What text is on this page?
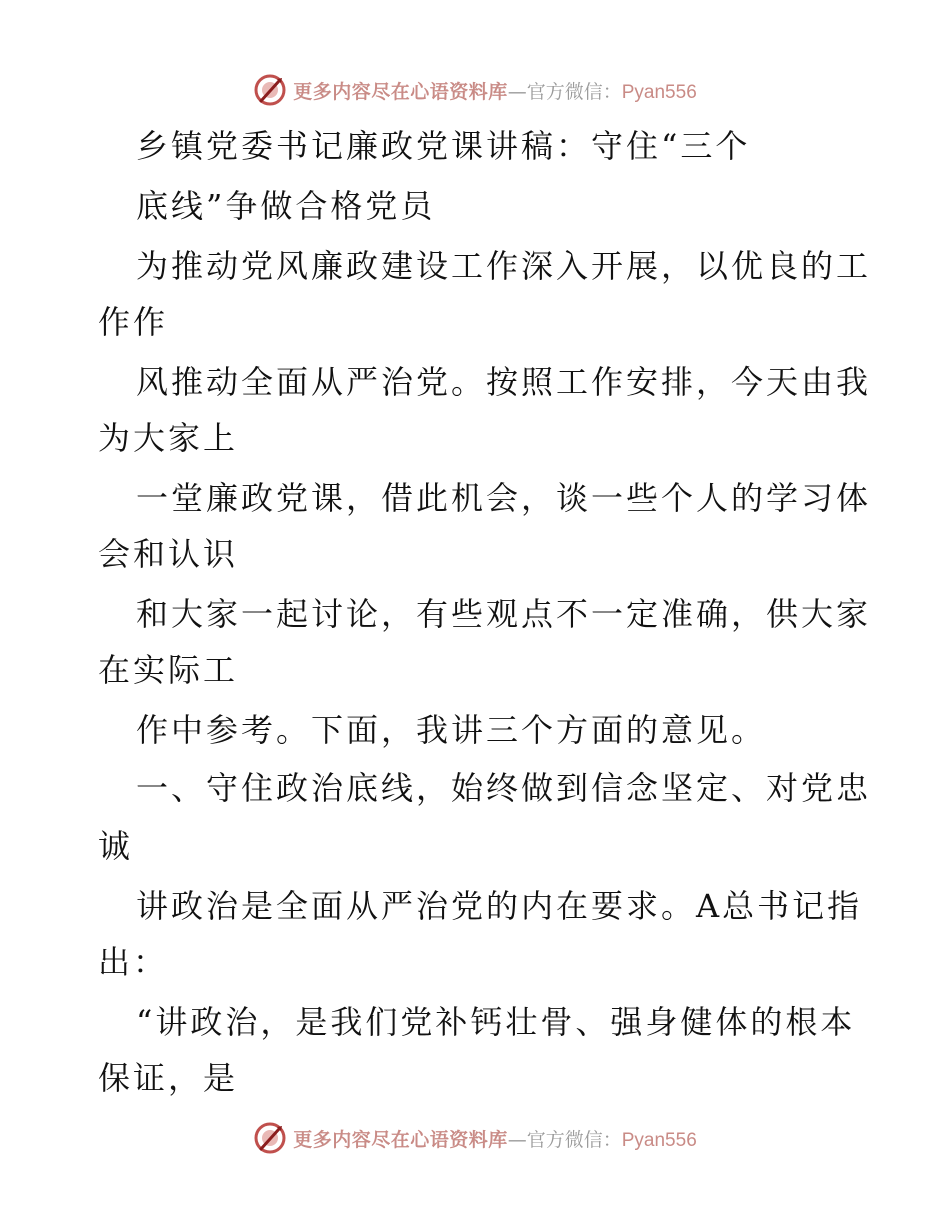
更多内容尽在心语资料库—官方微信：Pyan556
乡镇党委书记廉政党课讲稿：守住“三个
底线”争做合格党员
为推动党风廉政建设工作深入开展，以优良的工
作作
风推动全面从严治党。按照工作安排，今天由我
为大家上
一堂廉政党课，借此机会，谈一些个人的学习体
会和认识
和大家一起讨论，有些观点不一定准确，供大家
在实际工
作中参考。下面，我讲三个方面的意见。
一、守住政治底线，始终做到信念坚定、对党忠
诚
讲政治是全面从严治党的内在要求。A总书记指
出：
“讲政治，是我们党补钙壮骨、强身健体的根本
保证，是
更多内容尽在心语资料库—官方微信：Pyan556
